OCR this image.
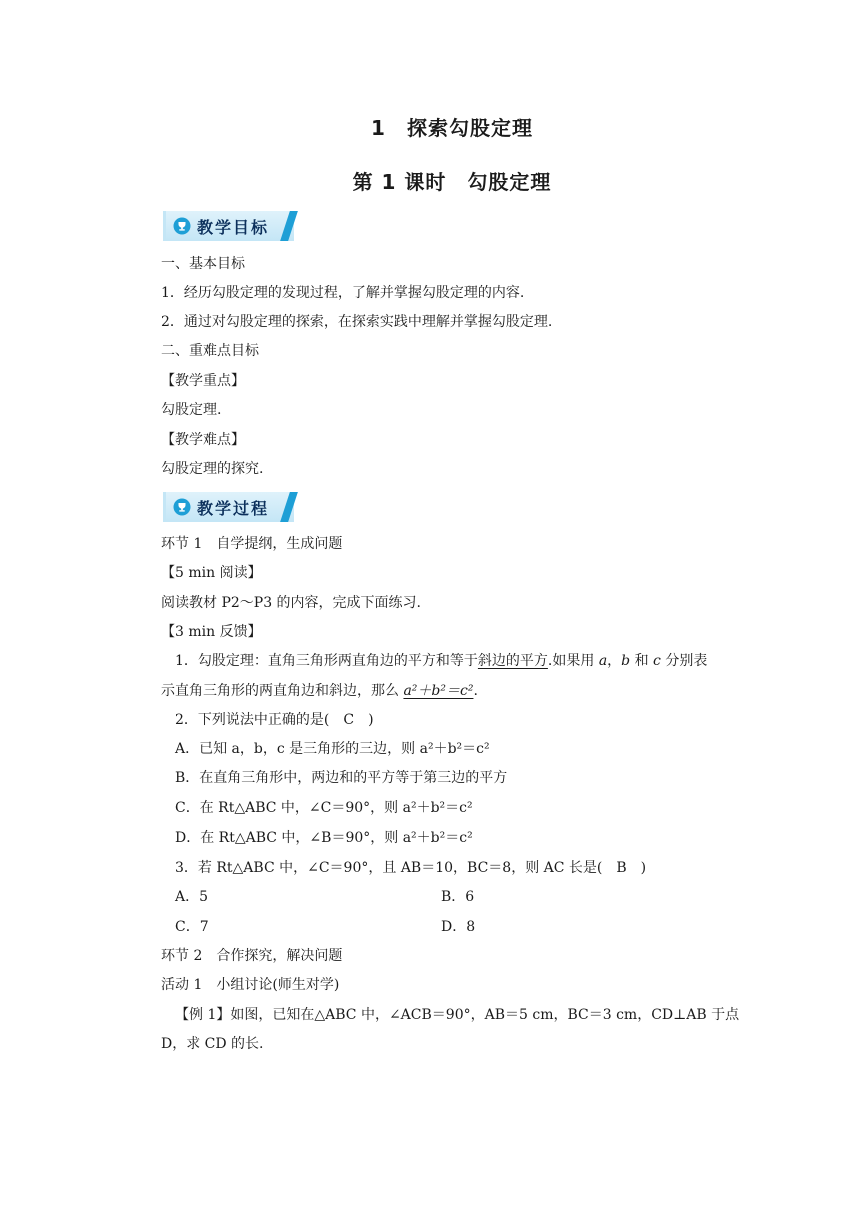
1　探索勾股定理
第 1 课时　勾股定理
教学目标
一、基本目标
1．经历勾股定理的发现过程，了解并掌握勾股定理的内容.
2．通过对勾股定理的探索，在探索实践中理解并掌握勾股定理.
二、重难点目标
【教学重点】
勾股定理.
【教学难点】
勾股定理的探究.
教学过程
环节 1　自学提纲，生成问题
【5 min 阅读】
阅读教材 P2～P3 的内容，完成下面练习.
【3 min 反馈】
1．勾股定理：直角三角形两直角边的平方和等于斜边的平方.如果用 a，b 和 c 分别表
示直角三角形的两直角边和斜边，那么 a²＋b²＝c².
2．下列说法中正确的是(　C　)
A．已知 a，b，c 是三角形的三边，则 a²＋b²＝c²
B．在直角三角形中，两边和的平方等于第三边的平方
C．在 Rt△ABC 中，∠C＝90°，则 a²＋b²＝c²
D．在 Rt△ABC 中，∠B＝90°，则 a²＋b²＝c²
3．若 Rt△ABC 中，∠C＝90°，且 AB＝10，BC＝8，则 AC 长是(　B　)
A．5	B．6
C．7	D．8
环节 2　合作探究，解决问题
活动 1　小组讨论(师生对学)
【例 1】如图，已知在△ABC 中，∠ACB＝90°，AB＝5 cm，BC＝3 cm，CD⊥AB 于点
D，求 CD 的长.
